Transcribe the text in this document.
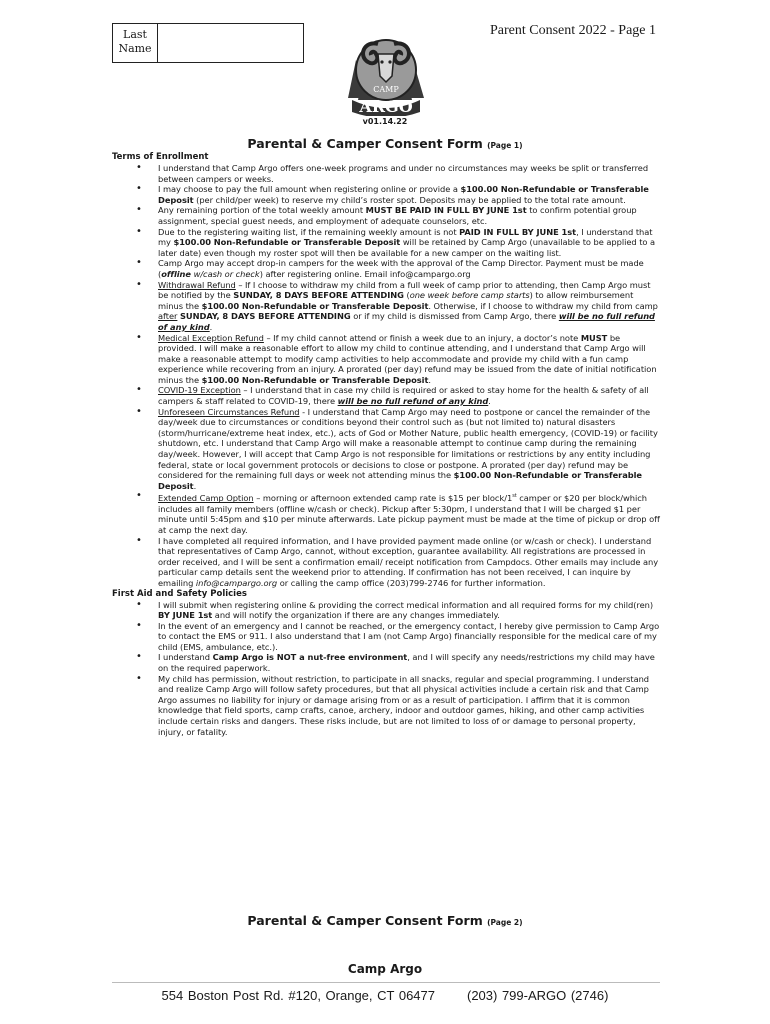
Last Name
Parent Consent 2022 - Page 1
CAMP
ARGO
v01.14.22
Parental & Camper Consent Form (Page 1)
Terms of Enrollment
• I understand that Camp Argo offers one-week programs and under no circumstances may weeks be split or transferred between campers or weeks.
• I may choose to pay the full amount when registering online or provide a $100.00 Non-Refundable or Transferable Deposit (per child/per week) to reserve my child’s roster spot. Deposits may be applied to the total rate amount.
• Any remaining portion of the total weekly amount MUST BE PAID IN FULL BY JUNE 1st to confirm potential group assignment, special guest needs, and employment of adequate counselors, etc.
• Due to the registering waiting list, if the remaining weekly amount is not PAID IN FULL BY JUNE 1st, I understand that my $100.00 Non-Refundable or Transferable Deposit will be retained by Camp Argo (unavailable to be applied to a later date) even though my roster spot will then be available for a new camper on the waiting list.
• Camp Argo may accept drop-in campers for the week with the approval of the Camp Director. Payment must be made (offline w/cash or check) after registering online. Email info@campargo.org
• Withdrawal Refund – If I choose to withdraw my child from a full week of camp prior to attending, then Camp Argo must be notified by the SUNDAY, 8 DAYS BEFORE ATTENDING (one week before camp starts) to allow reimbursement minus the $100.00 Non-Refundable or Transferable Deposit. Otherwise, if I choose to withdraw my child from camp after SUNDAY, 8 DAYS BEFORE ATTENDING or if my child is dismissed from Camp Argo, there will be no full refund of any kind.
• Medical Exception Refund – If my child cannot attend or finish a week due to an injury, a doctor’s note MUST be provided. I will make a reasonable effort to allow my child to continue attending, and I understand that Camp Argo will make a reasonable attempt to modify camp activities to help accommodate and provide my child with a fun camp experience while recovering from an injury. A prorated (per day) refund may be issued from the date of initial notification minus the $100.00 Non-Refundable or Transferable Deposit.
• COVID-19 Exception – I understand that in case my child is required or asked to stay home for the health & safety of all campers & staff related to COVID-19, there will be no full refund of any kind.
• Unforeseen Circumstances Refund - I understand that Camp Argo may need to postpone or cancel the remainder of the day/week due to circumstances or conditions beyond their control such as (but not limited to) natural disasters (storm/hurricane/extreme heat index, etc.), acts of God or Mother Nature, public health emergency, (COVID-19) or facility shutdown, etc. I understand that Camp Argo will make a reasonable attempt to continue camp during the remaining day/week. However, I will accept that Camp Argo is not responsible for limitations or restrictions by any entity including federal, state or local government protocols or decisions to close or postpone. A prorated (per day) refund may be considered for the remaining full days or week not attending minus the $100.00 Non-Refundable or Transferable Deposit.
• Extended Camp Option – morning or afternoon extended camp rate is $15 per block/1st camper or $20 per block/which includes all family members (offline w/cash or check). Pickup after 5:30pm, I understand that I will be charged $1 per minute until 5:45pm and $10 per minute afterwards. Late pickup payment must be made at the time of pickup or drop off at camp the next day.
• I have completed all required information, and I have provided payment made online (or w/cash or check). I understand that representatives of Camp Argo, cannot, without exception, guarantee availability. All registrations are processed in order received, and I will be sent a confirmation email/ receipt notification from Campdocs. Other emails may include any particular camp details sent the weekend prior to attending. If confirmation has not been received, I can inquire by emailing info@campargo.org or calling the camp office (203)799-2746 for further information.
First Aid and Safety Policies
• I will submit when registering online & providing the correct medical information and all required forms for my child(ren) BY JUNE 1st and will notify the organization if there are any changes immediately.
• In the event of an emergency and I cannot be reached, or the emergency contact, I hereby give permission to Camp Argo to contact the EMS or 911. I also understand that I am (not Camp Argo) financially responsible for the medical care of my child (EMS, ambulance, etc.).
• I understand Camp Argo is NOT a nut-free environment, and I will specify any needs/restrictions my child may have on the required paperwork.
• My child has permission, without restriction, to participate in all snacks, regular and special programming. I understand and realize Camp Argo will follow safety procedures, but that all physical activities include a certain risk and that Camp Argo assumes no liability for injury or damage arising from or as a result of participation. I affirm that it is common knowledge that field sports, camp crafts, canoe, archery, indoor and outdoor games, hiking, and other camp activities include certain risks and dangers. These risks include, but are not limited to loss of or damage to personal property, injury, or fatality.
Parental & Camper Consent Form (Page 2)
Camp Argo
554 Boston Post Rd. #120, Orange, CT 06477 (203) 799-ARGO (2746)
